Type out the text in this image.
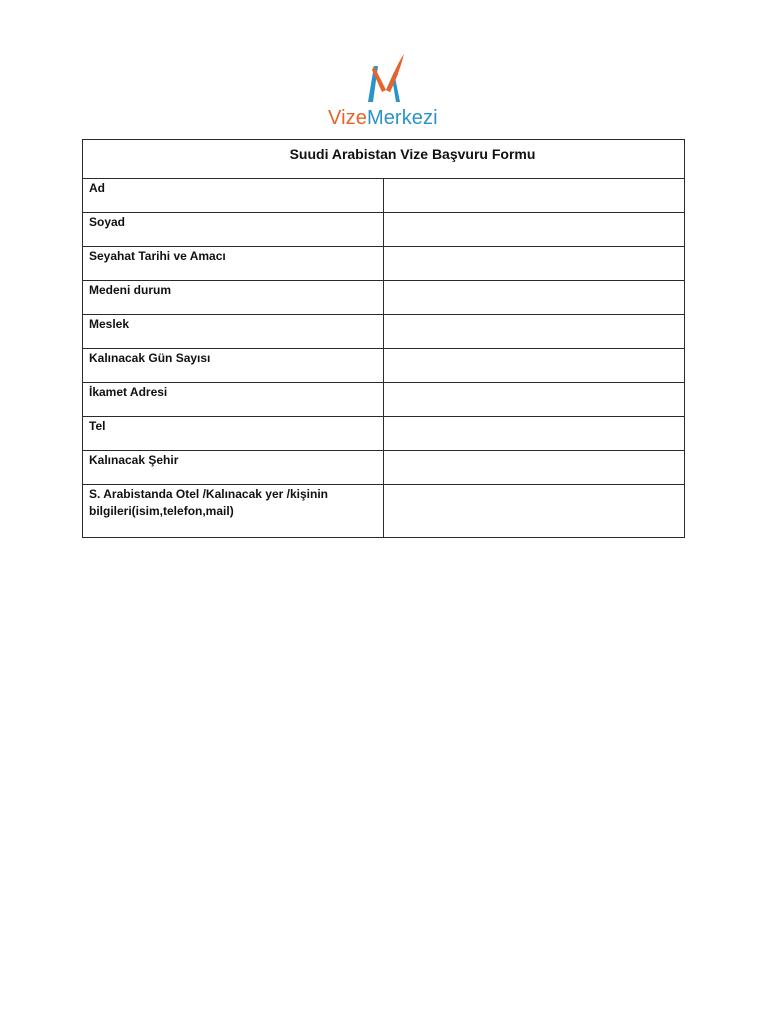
VizeMerkezi
Suudi Arabistan Vize Başvuru Formu	
Ad	
Soyad	
Seyahat Tarihi ve Amacı	
Medeni durum	
Meslek	
Kalınacak Gün Sayısı	
İkamet Adresi	
Tel	
Kalınacak Şehir	
S. Arabistanda Otel /Kalınacak yer /kişinin bilgileri(isim,telefon,mail)	
